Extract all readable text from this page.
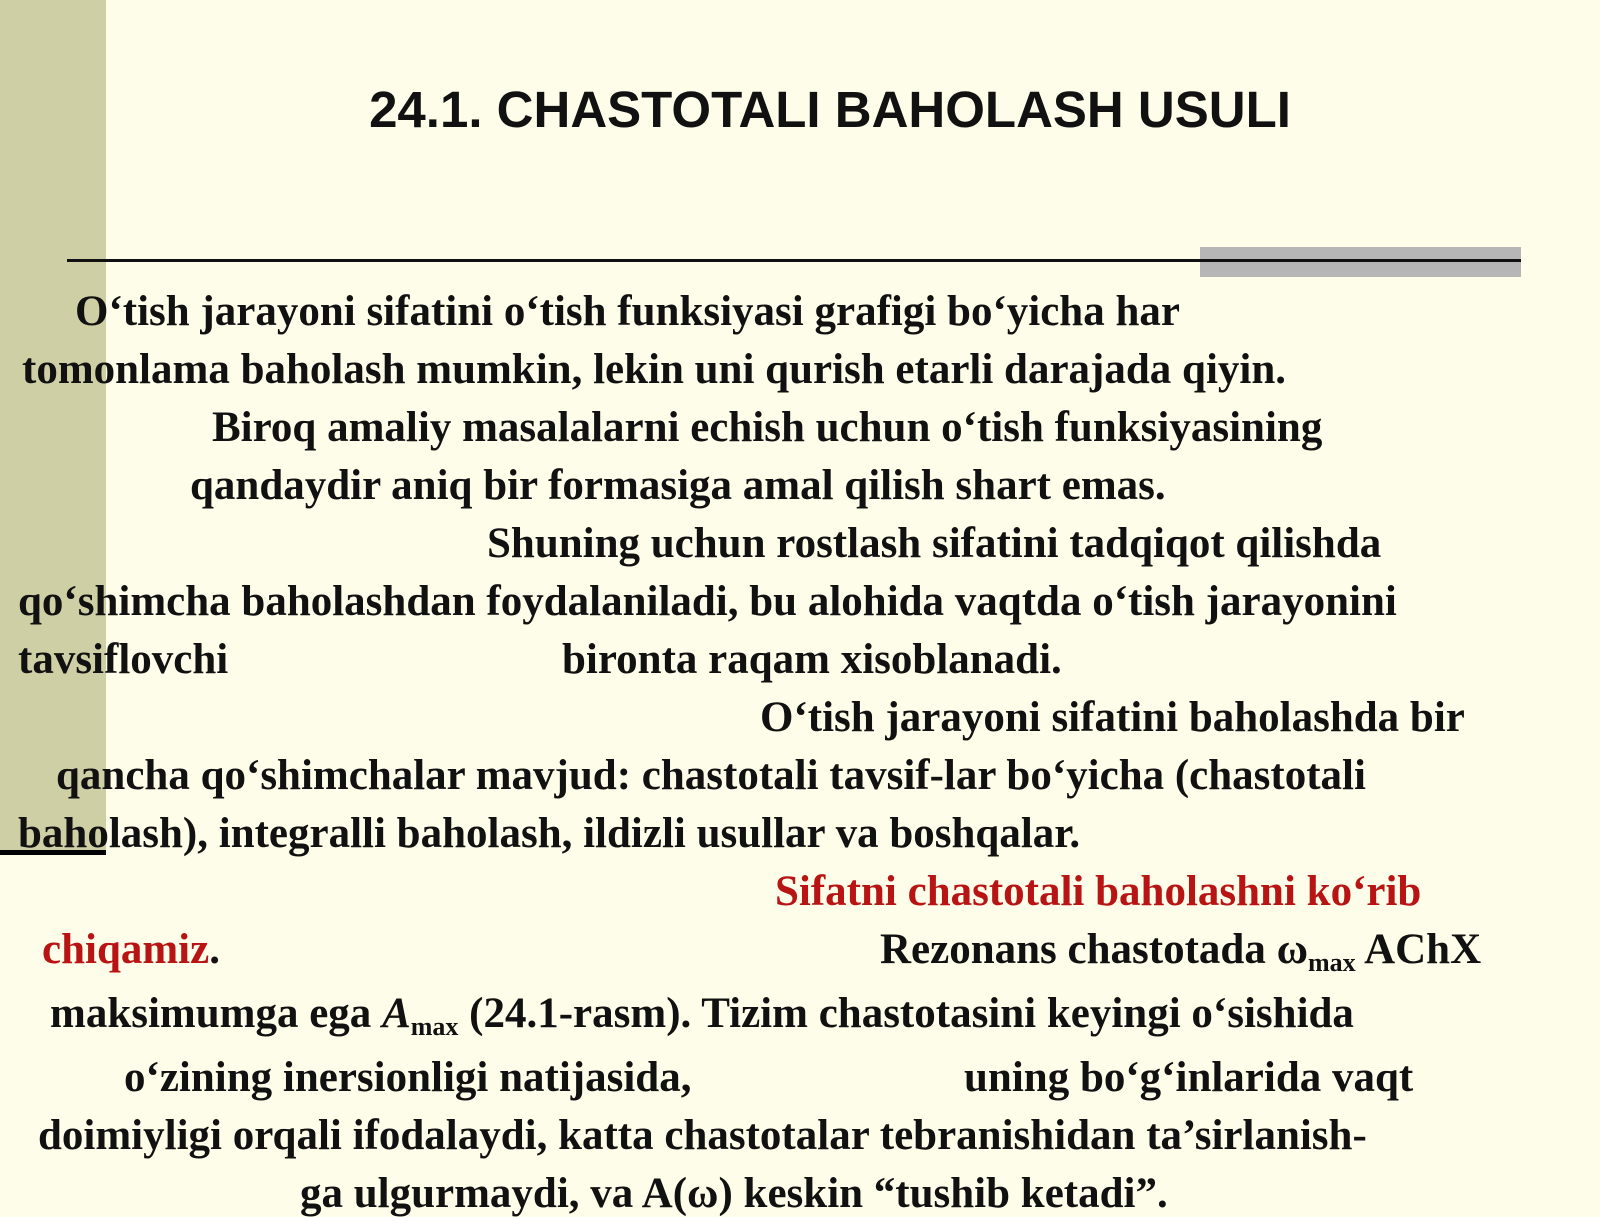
24.1. CHASTOTALI BAHOLASH USULI
O‘tish jarayoni sifatini o‘tish funksiyasi grafigi bo‘yicha har
tomonlama baholash mumkin, lekin uni qurish etarli darajada qiyin.
Biroq amaliy masalalarni echish uchun o‘tish funksiyasining
qandaydir aniq bir formasiga amal qilish shart emas.
Shuning uchun rostlash sifatini tadqiqot qilishda
qo‘shimcha baholashdan foydalaniladi, bu alohida vaqtda o‘tish jarayonini
tavsiflovchi	bironta raqam xisoblanadi.
O‘tish jarayoni sifatini baholashda bir
qancha qo‘shimchalar mavjud: chastotali tavsif-lar bo‘yicha (chastotali
baholash), integralli baholash, ildizli usullar va boshqalar.
Sifatni chastotali baholashni ko‘rib
chiqamiz.	Rezonans chastotada $\omega_{max}$ AChX
maksimumga ega $A_{max}$ (24.1-rasm). Tizim chastotasini keyingi o‘sishida
o‘zining inersionligi natijasida,	uning bo‘g‘inlarida vaqt
doimiyligi orqali ifodalaydi, katta chastotalar tebranishidan ta’sirlanish-
ga ulgurmaydi, va A(ω) keskin “tushib ketadi”.
